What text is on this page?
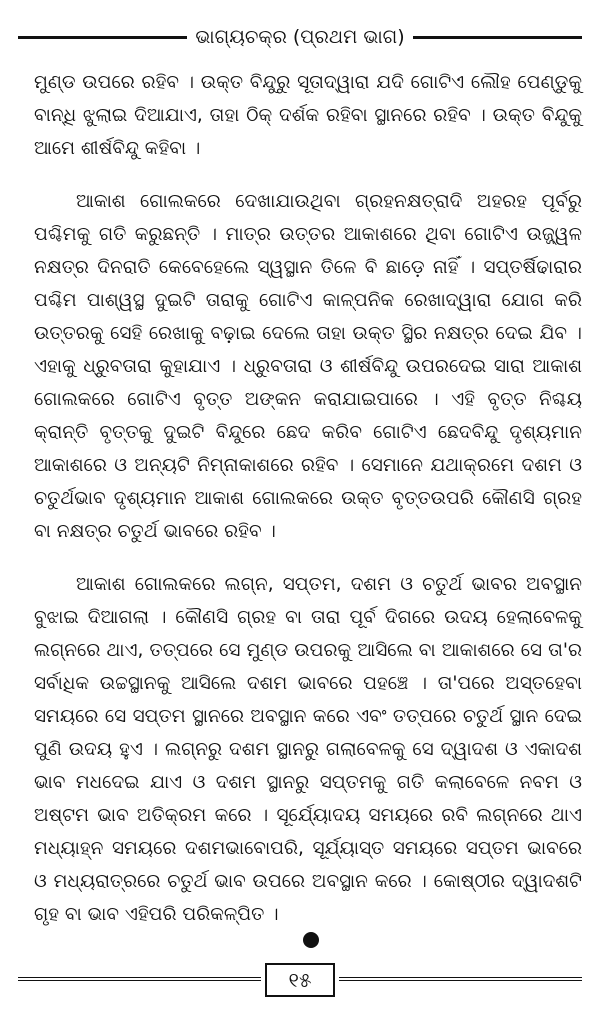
ଭାଗ୍ୟଚକ୍ର (ପ୍ରଥମ ଭାଗ)

ମୁଣ୍ଡ ଉପରେ ରହିବ । ଉକ୍ତ ବିନ୍ଦୁରୁ ସୂତାଦ୍ୱାରା ଯଦି ଗୋଟିଏ ଲୌହ ପେଣ୍ଡୁକୁ ବାନ୍ଧି ଝୁଲାଇ ଦିଆଯାଏ, ତାହା ଠିକ୍ ଦର୍ଶକ ରହିବା ସ୍ଥାନରେ ରହିବ । ଉକ୍ତ ବିନ୍ଦୁକୁ ଆମେ ଶୀର୍ଷବିନ୍ଦୁ କହିବା ।

ଆକାଶ ଗୋଲକରେ ଦେଖାଯାଉଥିବା ଗ୍ରହନକ୍ଷତ୍ରାଦି ଅହରହ ପୂର୍ବରୁ ପଶ୍ଚିମକୁ ଗତି କରୁଛନ୍ତି । ମାତ୍ର ଉତ୍ତର ଆକାଶରେ ଥିବା ଗୋଟିଏ ଉଜ୍ଜ୍ୱଳ ନକ୍ଷତ୍ର ଦିନରାତି କେବେହେଲେ ସ୍ୱସ୍ଥାନ ତିଳେ ବି ଛାଡ଼େ ନାହିଁ । ସପ୍ତର୍ଷିଢାରାର ପଶ୍ଚିମ ପାଶ୍ୱସ୍ଥ ଦୁଇଟି ତାରାକୁ ଗୋଟିଏ କାଳ୍ପନିକ ରେଖାଦ୍ୱାରା ଯୋଗ କରି ଉତ୍ତରକୁ ସେହି ରେଖାକୁ ବଢ଼ାଇ ଦେଲେ ତାହା ଉକ୍ତ ସ୍ଥିର ନକ୍ଷତ୍ର ଦେଇ ଯିବ । ଏହାକୁ ଧ୍ରୁବତାରା କୁହାଯାଏ । ଧ୍ରୁବତାରା ଓ ଶୀର୍ଷବିନ୍ଦୁ ଉପରଦେଇ ସାରା ଆକାଶ ଗୋଲକରେ ଗୋଟିଏ ବୃତ୍ତ ଅଙ୍କନ କରାଯାଇପାରେ । ଏହି ବୃତ୍ତ ନିଶ୍ଚୟ କ୍ରାନ୍ତି ବୃତ୍ତକୁ ଦୁଇଟି ବିନ୍ଦୁରେ ଛେଦ କରିବ ଗୋଟିଏ ଛେଦବିନ୍ଦୁ ଦୃଶ୍ୟମାନ ଆକାଶରେ ଓ ଅନ୍ୟଟି ନିମ୍ନାକାଶରେ ରହିବ । ସେମାନେ ଯଥାକ୍ରମେ ଦଶମ ଓ ଚତୁର୍ଥଭାବ ଦୃଶ୍ୟମାନ ଆକାଶ ଗୋଲକରେ ଉକ୍ତ ବୃତ୍ତଉପରି କୌଣସି ଗ୍ରହ ବା ନକ୍ଷତ୍ର ଚତୁର୍ଥ ଭାବରେ ରହିବ ।

ଆକାଶ ଗୋଲକରେ ଲଗ୍ନ, ସପ୍ତମ, ଦଶମ ଓ ଚତୁର୍ଥ ଭାବର ଅବସ୍ଥାନ ବୁଝାଇ ଦିଆଗଲା । କୌଣସି ଗ୍ରହ ବା ତାରା ପୂର୍ବ ଦିଗରେ ଉଦୟ ହେଲାବେଳକୁ ଲଗ୍ନରେ ଥାଏ, ତତ୍ପରେ ସେ ମୁଣ୍ଡ ଉପରକୁ ଆସିଲେ ବା ଆକାଶରେ ସେ ତା'ର ସର୍ବାଧିକ ଉଚ୍ଚସ୍ଥାନକୁ ଆସିଲେ ଦଶମ ଭାବରେ ପହଞ୍ଚେ । ତା'ପରେ ଅସ୍ତହେବା ସମୟରେ ସେ ସପ୍ତମ ସ୍ଥାନରେ ଅବସ୍ଥାନ କରେ ଏବଂ ତତ୍ପରେ ଚତୁର୍ଥ ସ୍ଥାନ ଦେଇ ପୁଣି ଉଦୟ ହୁଏ । ଲଗ୍ନରୁ ଦଶମ ସ୍ଥାନରୁ ଗଲାବେଳକୁ ସେ ଦ୍ୱାଦଶ ଓ ଏକାଦଶ ଭାବ ମଧଦେଇ ଯାଏ ଓ ଦଶମ ସ୍ଥାନରୁ ସପ୍ତମକୁ ଗତି କଲାବେଳେ ନବମ ଓ ଅଷ୍ଟମ ଭାବ ଅତିକ୍ରମ କରେ । ସୂର୍ଯ୍ୟୋଦୟ ସମୟରେ ରବି ଲଗ୍ନରେ ଥାଏ ମଧ୍ୟାହ୍ନ ସମୟରେ ଦଶମଭାବୋପରି, ସୂର୍ଯ୍ୟାସ୍ତ ସମୟରେ ସପ୍ତମ ଭାବରେ ଓ ମଧ୍ୟରାତ୍ରରେ ଚତୁର୍ଥ ଭାବ ଉପରେ ଅବସ୍ଥାନ କରେ । କୋଷ୍ଠୀର ଦ୍ୱାଦଶଟି ଗୃହ ବା ଭାବ ଏହିପରି ପରିକଳ୍ପିତ ।

୧୫
